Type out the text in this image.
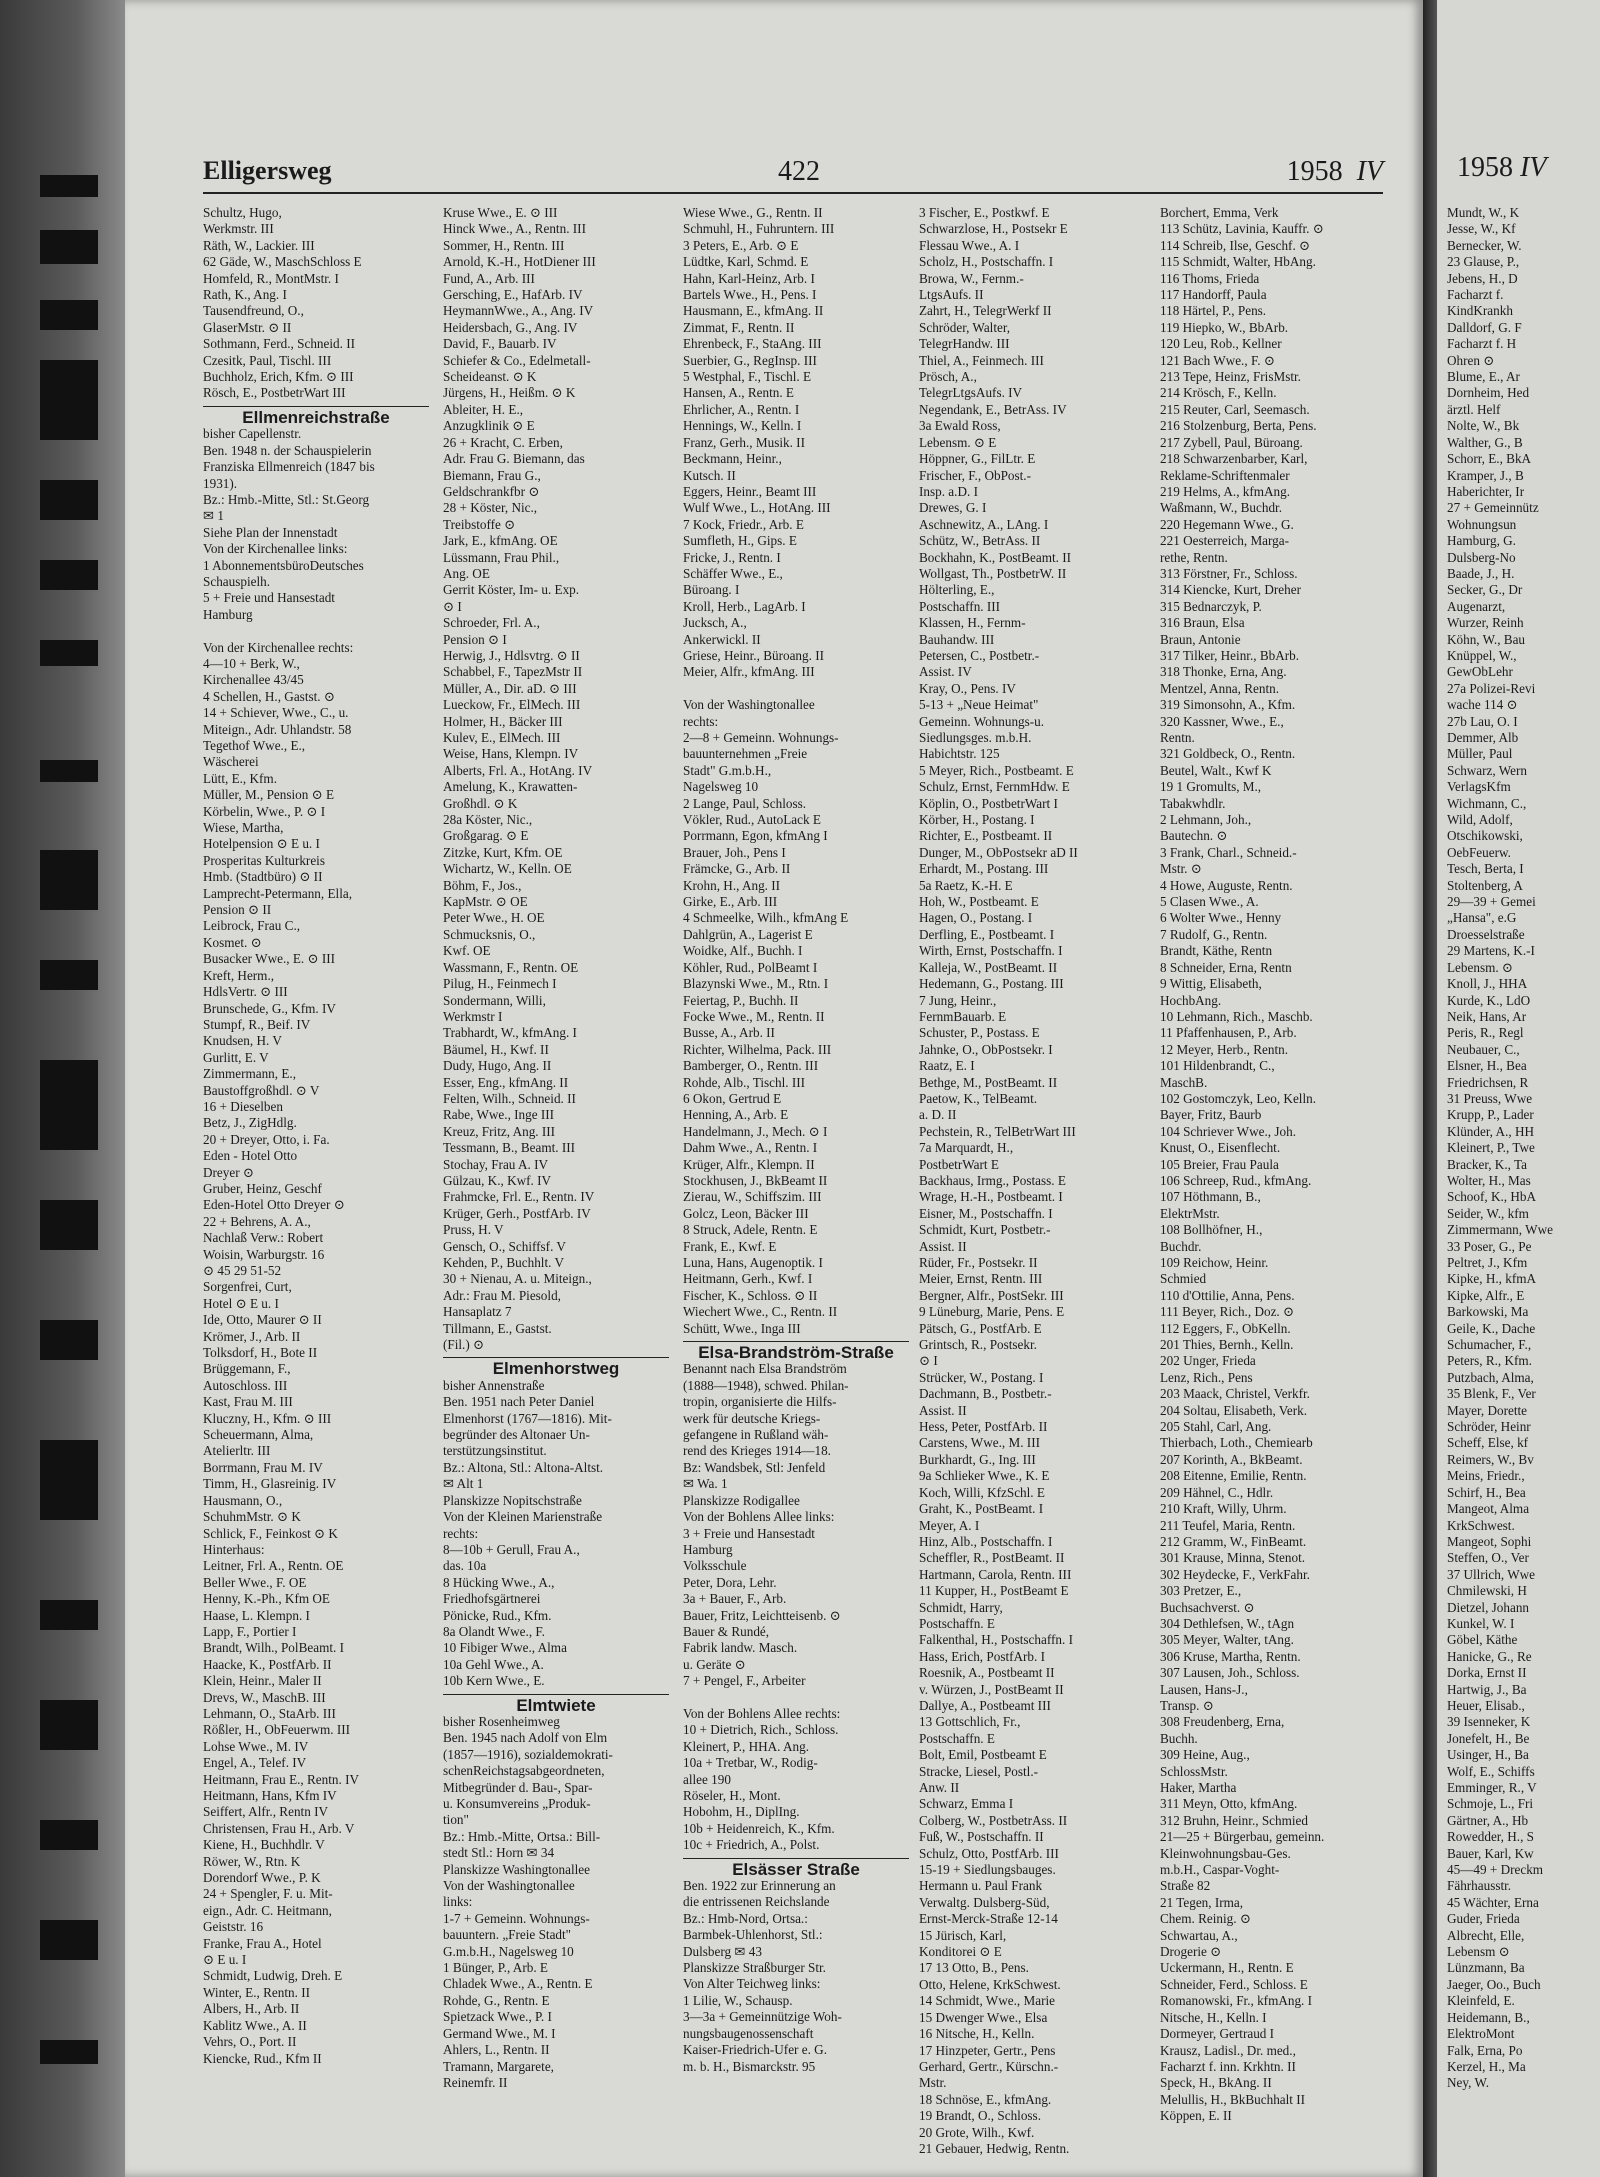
Elligersweg	422	1958 IV
Schultz, Hugo,
Werkmstr. III
Räth, W., Lackier. III
62 Gäde, W., MaschSchloss E
Homfeld, R., MontMstr. I
Rath, K., Ang. I
Tausendfreund, O.,
GlaserMstr. ⊙ II
Sothmann, Ferd., Schneid. II
Czesitk, Paul, Tischl. III
Buchholz, Erich, Kfm. ⊙ III
Rösch, E., PostbetrWart III
Ellmenreichstraße
bisher Capellenstr.
Ben. 1948 n. der Schauspielerin
Franziska Ellmenreich (1847 bis
1931).
Bz.: Hmb.-Mitte, Stl.: St.Georg
✉ 1
Siehe Plan der Innenstadt
Von der Kirchenallee links:
1 AbonnementsbüroDeutsches
Schauspielh.
5 + Freie und Hansestadt
Hamburg

Von der Kirchenallee rechts:
4—10 + Berk, W.,
Kirchenallee 43/45
4 Schellen, H., Gastst. ⊙
14 + Schiever, Wwe., C., u.
Miteign., Adr. Uhlandstr. 58
Tegethof Wwe., E.,
Wäscherei
Lütt, E., Kfm.
Müller, M., Pension ⊙ E
Körbelin, Wwe., P. ⊙ I
Wiese, Martha,
Hotelpension ⊙ E u. I
Prosperitas Kulturkreis
Hmb. (Stadtbüro) ⊙ II
Lamprecht-Petermann, Ella,
Pension ⊙ II
Leibrock, Frau C.,
Kosmet. ⊙
Busacker Wwe., E. ⊙ III
Kreft, Herm.,
HdlsVertr. ⊙ III
Brunschede, G., Kfm. IV
Stumpf, R., Beif. IV
Knudsen, H. V
Gurlitt, E. V
Zimmermann, E.,
Baustoffgroßhdl. ⊙ V
16 + Dieselben
Betz, J., ZigHdlg.
20 + Dreyer, Otto, i. Fa.
Eden - Hotel Otto
Dreyer ⊙
Gruber, Heinz, Geschf
Eden-Hotel Otto Dreyer ⊙
22 + Behrens, A. A.,
Nachlaß Verw.: Robert
Woisin, Warburgstr. 16
⊙ 45 29 51-52
Sorgenfrei, Curt,
Hotel ⊙ E u. I
Ide, Otto, Maurer ⊙ II
Krömer, J., Arb. II
Tolksdorf, H., Bote II
Brüggemann, F.,
Autoschloss. III
Kast, Frau M. III
Kluczny, H., Kfm. ⊙ III
Scheuermann, Alma,
Atelierltr. III
Borrmann, Frau M. IV
Timm, H., Glasreinig. IV
Hausmann, O.,
SchuhmMstr. ⊙ K
Schlick, F., Feinkost ⊙ K
Hinterhaus:
Leitner, Frl. A., Rentn. OE
Beller Wwe., F. OE
Henny, K.-Ph., Kfm OE
Haase, L. Klempn. I
Lapp, F., Portier I
Brandt, Wilh., PolBeamt. I
Haacke, K., PostfArb. II
Klein, Heinr., Maler II
Drevs, W., MaschB. III
Lehmann, O., StaArb. III
Rößler, H., ObFeuerwm. III
Lohse Wwe., M. IV
Engel, A., Telef. IV
Heitmann, Frau E., Rentn. IV
Heitmann, Hans, Kfm IV
Seiffert, Alfr., Rentn IV
Christensen, Frau H., Arb. V
Kiene, H., Buchhdlr. V
Röwer, W., Rtn. K
Dorendorf Wwe., P. K
24 + Spengler, F. u. Mit-
eign., Adr. C. Heitmann,
Geiststr. 16
Franke, Frau A., Hotel
⊙ E u. I
Schmidt, Ludwig, Dreh. E
Winter, E., Rentn. II
Albers, H., Arb. II
Kablitz Wwe., A. II
Vehrs, O., Port. II
Kiencke, Rud., Kfm II
Kruse Wwe., E. ⊙ III
Hinck Wwe., A., Rentn. III
Sommer, H., Rentn. III
Arnold, K.-H., HotDiener III
Fund, A., Arb. III
Gersching, E., HafArb. IV
HeymannWwe., A., Ang. IV
Heidersbach, G., Ang. IV
David, F., Bauarb. IV
Schiefer & Co., Edelmetall-
Scheideanst. ⊙ K
Jürgens, H., Heißm. ⊙ K
Ableiter, H. E.,
Anzugklinik ⊙ E
26 + Kracht, C. Erben,
Adr. Frau G. Biemann, das
Biemann, Frau G.,
Geldschrankfbr ⊙
28 + Köster, Nic.,
Treibstoffe ⊙
Jark, E., kfmAng. OE
Lüssmann, Frau Phil.,
Ang. OE
Gerrit Köster, Im- u. Exp.
⊙ I
Schroeder, Frl. A.,
Pension ⊙ I
Herwig, J., Hdlsvtrg. ⊙ II
Schabbel, F., TapezMstr II
Müller, A., Dir. aD. ⊙ III
Lueckow, Fr., ElMech. III
Holmer, H., Bäcker III
Kulev, E., ElMech. III
Weise, Hans, Klempn. IV
Alberts, Frl. A., HotAng. IV
Amelung, K., Krawatten-
Großhdl. ⊙ K
28a Köster, Nic.,
Großgarag. ⊙ E
Zitzke, Kurt, Kfm. OE
Wichartz, W., Kelln. OE
Böhm, F., Jos.,
KapMstr. ⊙ OE
Peter Wwe., H. OE
Schmucksnis, O.,
Kwf. OE
Wassmann, F., Rentn. OE
Pilug, H., Feinmech I
Sondermann, Willi,
Werkmstr I
Trabhardt, W., kfmAng. I
Bäumel, H., Kwf. II
Dudy, Hugo, Ang. II
Esser, Eng., kfmAng. II
Felten, Wilh., Schneid. II
Rabe, Wwe., Inge III
Kreuz, Fritz, Ang. III
Tessmann, B., Beamt. III
Stochay, Frau A. IV
Gülzau, K., Kwf. IV
Frahmcke, Frl. E., Rentn. IV
Krüger, Gerh., PostfArb. IV
Pruss, H. V
Gensch, O., Schiffsf. V
Kehden, P., Buchhlt. V
30 + Nienau, A. u. Miteign.,
Adr.: Frau M. Piesold,
Hansaplatz 7
Tillmann, E., Gastst.
(Fil.) ⊙
Elmenhorstweg
bisher Annenstraße
Ben. 1951 nach Peter Daniel
Elmenhorst (1767—1816). Mit-
begründer des Altonaer Un-
terstützungsinstitut.
Bz.: Altona, Stl.: Altona-Altst.
✉ Alt 1
Planskizze Nopitschstraße
Von der Kleinen Marienstraße
rechts:
8—10b + Gerull, Frau A.,
das. 10a
8 Hücking Wwe., A.,
Friedhofsgärtnerei
Pönicke, Rud., Kfm.
8a Olandt Wwe., F.
10 Fibiger Wwe., Alma
10a Gehl Wwe., A.
10b Kern Wwe., E.
Elmtwiete
bisher Rosenheimweg
Ben. 1945 nach Adolf von Elm
(1857—1916), sozialdemokrati-
schenReichstagsabgeordneten,
Mitbegründer d. Bau-, Spar-
u. Konsumvereins „Produk-
tion"
Bz.: Hmb.-Mitte, Ortsa.: Bill-
stedt Stl.: Horn ✉ 34
Planskizze Washingtonallee
Von der Washingtonallee
links:
1-7 + Gemeinn. Wohnungs-
bauuntern. „Freie Stadt"
G.m.b.H., Nagelsweg 10
1 Bünger, P., Arb. E
Chladek Wwe., A., Rentn. E
Rohde, G., Rentn. E
Spietzack Wwe., P. I
Germand Wwe., M. I
Ahlers, L., Rentn. II
Tramann, Margarete,
Reinemfr. II
Wiese Wwe., G., Rentn. II
Schmuhl, H., Fuhruntern. III
3 Peters, E., Arb. ⊙ E
Lüdtke, Karl, Schmd. E
Hahn, Karl-Heinz, Arb. I
Bartels Wwe., H., Pens. I
Hausmann, E., kfmAng. II
Zimmat, F., Rentn. II
Ehrenbeck, F., StaAng. III
Suerbier, G., RegInsp. III
5 Westphal, F., Tischl. E
Hansen, A., Rentn. E
Ehrlicher, A., Rentn. I
Hennings, W., Kelln. I
Franz, Gerh., Musik. II
Beckmann, Heinr.,
Kutsch. II
Eggers, Heinr., Beamt III
Wulf Wwe., L., HotAng. III
7 Kock, Friedr., Arb. E
Sumfleth, H., Gips. E
Fricke, J., Rentn. I
Schäffer Wwe., E.,
Büroang. I
Kroll, Herb., LagArb. I
Jucksch, A.,
Ankerwickl. II
Griese, Heinr., Büroang. II
Meier, Alfr., kfmAng. III

Von der Washingtonallee
rechts:
2—8 + Gemeinn. Wohnungs-
bauunternehmen „Freie
Stadt" G.m.b.H.,
Nagelsweg 10
2 Lange, Paul, Schloss.
Vökler, Rud., AutoLack E
Porrmann, Egon, kfmAng I
Brauer, Joh., Pens I
Främcke, G., Arb. II
Krohn, H., Ang. II
Girke, E., Arb. III
4 Schmeelke, Wilh., kfmAng E
Dahlgrün, A., Lagerist E
Woidke, Alf., Buchh. I
Köhler, Rud., PolBeamt I
Blazynski Wwe., M., Rtn. I
Feiertag, P., Buchh. II
Focke Wwe., M., Rentn. II
Busse, A., Arb. II
Richter, Wilhelma, Pack. III
Bamberger, O., Rentn. III
Rohde, Alb., Tischl. III
6 Okon, Gertrud E
Henning, A., Arb. E
Handelmann, J., Mech. ⊙ I
Dahm Wwe., A., Rentn. I
Krüger, Alfr., Klempn. II
Stockhusen, J., BkBeamt II
Zierau, W., Schiffszim. III
Golcz, Leon, Bäcker III
8 Struck, Adele, Rentn. E
Frank, E., Kwf. E
Luna, Hans, Augenoptik. I
Heitmann, Gerh., Kwf. I
Fischer, K., Schloss. ⊙ II
Wiechert Wwe., C., Rentn. II
Schütt, Wwe., Inga III
Elsa-Brandström-Straße
Benannt nach Elsa Brandström
(1888—1948), schwed. Philan-
tropin, organisierte die Hilfs-
werk für deutsche Kriegs-
gefangene in Rußland wäh-
rend des Krieges 1914—18.
Bz: Wandsbek, Stl: Jenfeld
✉ Wa. 1
Planskizze Rodigallee
Von der Bohlens Allee links:
3 + Freie und Hansestadt
Hamburg
Volksschule
Peter, Dora, Lehr.
3a + Bauer, F., Arb.
Bauer, Fritz, Leichtteisenb. ⊙
Bauer & Rundé,
Fabrik landw. Masch.
u. Geräte ⊙
7 + Pengel, F., Arbeiter

Von der Bohlens Allee rechts:
10 + Dietrich, Rich., Schloss.
Kleinert, P., HHA. Ang.
10a + Tretbar, W., Rodig-
allee 190
Röseler, H., Mont.
Hobohm, H., DiplIng.
10b + Heidenreich, K., Kfm.
10c + Friedrich, A., Polst.
Elsässer Straße
Ben. 1922 zur Erinnerung an
die entrissenen Reichslande
Bz.: Hmb-Nord, Ortsa.:
Barmbek-Uhlenhorst, Stl.:
Dulsberg ✉ 43
Planskizze Straßburger Str.
Von Alter Teichweg links:
1 Lilie, W., Schausp.
3—3a + Gemeinnützige Woh-
nungsbaugenossenschaft
Kaiser-Friedrich-Ufer e. G.
m. b. H., Bismarckstr. 95
3 Fischer, E., Postkwf. E
Schwarzlose, H., Postsekr E
Flessau Wwe., A. I
Scholz, H., Postschaffn. I
Browa, W., Fernm.-
LtgsAufs. II
Zahrt, H., TelegrWerkf II
Schröder, Walter,
TelegrHandw. III
Thiel, A., Feinmech. III
Prösch, A.,
TelegrLtgsAufs. IV
Negendank, E., BetrAss. IV
3a Ewald Ross,
Lebensm. ⊙ E
Höppner, G., FilLtr. E
Frischer, F., ObPost.-
Insp. a.D. I
Drewes, G. I
Aschnewitz, A., LAng. I
Schütz, W., BetrAss. II
Bockhahn, K., PostBeamt. II
Wollgast, Th., PostbetrW. II
Hölterling, E.,
Postschaffn. III
Klassen, H., Fernm-
Bauhandw. III
Petersen, C., Postbetr.-
Assist. IV
Kray, O., Pens. IV
5-13 + „Neue Heimat"
Gemeinn. Wohnungs-u.
Siedlungsges. m.b.H.
Habichtstr. 125
5 Meyer, Rich., Postbeamt. E
Schulz, Ernst, FernmHdw. E
Köplin, O., PostbetrWart I
Körber, H., Postang. I
Richter, E., Postbeamt. II
Dunger, M., ObPostsekr aD II
Erhardt, M., Postang. III
5a Raetz, K.-H. E
Hoh, W., Postbeamt. E
Hagen, O., Postang. I
Derfling, E., Postbeamt. I
Wirth, Ernst, Postschaffn. I
Kalleja, W., PostBeamt. II
Hedemann, G., Postang. III
7 Jung, Heinr.,
FernmBauarb. E
Schuster, P., Postass. E
Jahnke, O., ObPostsekr. I
Raatz, E. I
Bethge, M., PostBeamt. II
Paetow, K., TelBeamt.
a. D. II
Pechstein, R., TelBetrWart III
7a Marquardt, H.,
PostbetrWart E
Backhaus, Irmg., Postass. E
Wrage, H.-H., Postbeamt. I
Eisner, M., Postschaffn. I
Schmidt, Kurt, Postbetr.-
Assist. II
Rüder, Fr., Postsekr. II
Meier, Ernst, Rentn. III
Bergner, Alfr., PostSekr. III
9 Lüneburg, Marie, Pens. E
Pätsch, G., PostfArb. E
Grintsch, R., Postsekr.
⊙ I
Strücker, W., Postang. I
Dachmann, B., Postbetr.-
Assist. II
Hess, Peter, PostfArb. II
Carstens, Wwe., M. III
Burkhardt, G., Ing. III
9a Schlieker Wwe., K. E
Koch, Willi, KfzSchl. E
Graht, K., PostBeamt. I
Meyer, A. I
Hinz, Alb., Postschaffn. I
Scheffler, R., PostBeamt. II
Hartmann, Carola, Rentn. III
11 Kupper, H., PostBeamt E
Schmidt, Harry,
Postschaffn. E
Falkenthal, H., Postschaffn. I
Hass, Erich, PostfArb. I
Roesnik, A., Postbeamt II
v. Würzen, J., PostBeamt II
Dallye, A., Postbeamt III
13 Gottschlich, Fr.,
Postschaffn. E
Bolt, Emil, Postbeamt E
Stracke, Liesel, Postl.-
Anw. II
Schwarz, Emma I
Colberg, W., PostbetrAss. II
Fuß, W., Postschaffn. II
Schulz, Otto, PostfArb. III
15-19 + Siedlungsbauges.
Hermann u. Paul Frank
Verwaltg. Dulsberg-Süd,
Ernst-Merck-Straße 12-14
15 Jürisch, Karl,
Konditorei ⊙ E
17 13 Otto, B., Pens.
Otto, Helene, KrkSchwest.
14 Schmidt, Wwe., Marie
15 Dwenger Wwe., Elsa
16 Nitsche, H., Kelln.
17 Hinzpeter, Gertr., Pens
Gerhard, Gertr., Kürschn.-
Mstr.
18 Schnöse, E., kfmAng.
19 Brandt, O., Schloss.
20 Grote, Wilh., Kwf.
21 Gebauer, Hedwig, Rentn.
Borchert, Emma, Verk
113 Schütz, Lavinia, Kauffr. ⊙
114 Schreib, Ilse, Geschf. ⊙
115 Schmidt, Walter, HbAng.
116 Thoms, Frieda
117 Handorff, Paula
118 Härtel, P., Pens.
119 Hiepko, W., BbArb.
120 Leu, Rob., Kellner
121 Bach Wwe., F. ⊙
213 Tepe, Heinz, FrisMstr.
214 Krösch, F., Kelln.
215 Reuter, Carl, Seemasch.
216 Stolzenburg, Berta, Pens.
217 Zybell, Paul, Büroang.
218 Schwarzenbarber, Karl,
Reklame-Schriftenmaler
219 Helms, A., kfmAng.
Waßmann, W., Buchdr.
220 Hegemann Wwe., G.
221 Oesterreich, Marga-
rethe, Rentn.
313 Förstner, Fr., Schloss.
314 Kiencke, Kurt, Dreher
315 Bednarczyk, P.
316 Braun, Elsa
Braun, Antonie
317 Tilker, Heinr., BbArb.
318 Thonke, Erna, Ang.
Mentzel, Anna, Rentn.
319 Simonsohn, A., Kfm.
320 Kassner, Wwe., E.,
Rentn.
321 Goldbeck, O., Rentn.
Beutel, Walt., Kwf K
19 1 Gromults, M.,
Tabakwhdlr.
2 Lehmann, Joh.,
Bautechn. ⊙
3 Frank, Charl., Schneid.-
Mstr. ⊙
4 Howe, Auguste, Rentn.
5 Clasen Wwe., A.
6 Wolter Wwe., Henny
7 Rudolf, G., Rentn.
Brandt, Käthe, Rentn
8 Schneider, Erna, Rentn
9 Wittig, Elisabeth,
HochbAng.
10 Lehmann, Rich., Maschb.
11 Pfaffenhausen, P., Arb.
12 Meyer, Herb., Rentn.
101 Hildenbrandt, C.,
MaschB.
102 Gostomczyk, Leo, Kelln.
Bayer, Fritz, Baurb
104 Schriever Wwe., Joh.
Knust, O., Eisenflecht.
105 Breier, Frau Paula
106 Schreep, Rud., kfmAng.
107 Höthmann, B.,
ElektrMstr.
108 Bollhöfner, H.,
Buchdr.
109 Reichow, Heinr.
Schmied
110 d'Ottilie, Anna, Pens.
111 Beyer, Rich., Doz. ⊙
112 Eggers, F., ObKelln.
201 Thies, Bernh., Kelln.
202 Unger, Frieda
Lenz, Rich., Pens
203 Maack, Christel, Verkfr.
204 Soltau, Elisabeth, Verk.
205 Stahl, Carl, Ang.
Thierbach, Loth., Chemiearb
207 Korinth, A., BkBeamt.
208 Eitenne, Emilie, Rentn.
209 Hähnel, C., Hdlr.
210 Kraft, Willy, Uhrm.
211 Teufel, Maria, Rentn.
212 Gramm, W., FinBeamt.
301 Krause, Minna, Stenot.
302 Heydecke, F., VerkFahr.
303 Pretzer, E.,
Buchsachverst. ⊙
304 Dethlefsen, W., tAgn
305 Meyer, Walter, tAng.
306 Kruse, Martha, Rentn.
307 Lausen, Joh., Schloss.
Lausen, Hans-J.,
Transp. ⊙
308 Freudenberg, Erna,
Buchh.
309 Heine, Aug.,
SchlossMstr.
Haker, Martha
311 Meyn, Otto, kfmAng.
312 Bruhn, Heinr., Schmied
21—25 + Bürgerbau, gemeinn.
Kleinwohnungsbau-Ges.
m.b.H., Caspar-Voght-
Straße 82
21 Tegen, Irma,
Chem. Reinig. ⊙
Schwartau, A.,
Drogerie ⊙
Uckermann, H., Rentn. E
Schneider, Ferd., Schloss. E
Romanowski, Fr., kfmAng. I
Nitsche, H., Kelln. I
Dormeyer, Gertraud I
Krausz, Ladisl., Dr. med.,
Facharzt f. inn. Krkhtn. II
Speck, H., BkAng. II
Melullis, H., BkBuchhalt II
Köppen, E. II
1958 IV
Mundt, W., K
Jesse, W., Kf
Bernecker, W.
23 Glause, P.,
Jebens, H., D
Facharzt f.
KindKrankh
Dalldorf, G. F
Facharzt f. H
Ohren ⊙
Blume, E., Ar
Dornheim, Hed
ärztl. Helf
Nolte, W., Bk
Walther, G., B
Schorr, E., BkA
Kramper, J., B
Haberichter, Ir
27 + Gemeinnütz
Wohnungsun
Hamburg, G.
Dulsberg-No
Baade, J., H.
Secker, G., Dr
Augenarzt,
Wurzer, Reinh
Köhn, W., Bau
Knüppel, W.,
GewObLehr
27a Polizei-Revi
wache 114 ⊙
27b Lau, O. I
Demmer, Alb
Müller, Paul
Schwarz, Wern
VerlagsKfm
Wichmann, C.,
Wild, Adolf,
Otschikowski,
OebFeuerw.
Tesch, Berta, I
Stoltenberg, A
29—39 + Gemei
„Hansa", e.G
Droesselstraße
29 Martens, K.-I
Lebensm. ⊙
Knoll, J., HHA
Kurde, K., LdO
Neik, Hans, Ar
Peris, R., Regl
Neubauer, C.,
Elsner, H., Bea
Friedrichsen, R
31 Preuss, Wwe
Krupp, P., Lader
Klünder, A., HH
Kleinert, P., Twe
Bracker, K., Ta
Wolter, H., Mas
Schoof, K., HbA
Seider, W., kfm
Zimmermann, Wwe
33 Poser, G., Pe
Peltret, J., Kfm
Kipke, H., kfmA
Kipke, Alfr., E
Barkowski, Ma
Geile, K., Dache
Schumacher, F.,
Peters, R., Kfm.
Putzbach, Alma,
35 Blenk, F., Ver
Mayer, Dorette
Schröder, Heinr
Scheff, Else, kf
Reimers, W., Bv
Meins, Friedr.,
Schirf, H., Bea
Mangeot, Alma
KrkSchwest.
Mangeot, Sophi
Steffen, O., Ver
37 Ullrich, Wwe
Chmilewski, H
Dietzel, Johann
Kunkel, W. I
Göbel, Käthe
Hanicke, G., Re
Dorka, Ernst II
Hartwig, J., Ba
Heuer, Elisab.,
39 Isenneker, K
Jonefelt, H., Be
Usinger, H., Ba
Wolf, E., Schiffs
Emminger, R., V
Schmoje, L., Fri
Gärtner, A., Hb
Rowedder, H., S
Bauer, Karl, Kw
45—49 + Dreckm
Fährhausstr.
45 Wächter, Erna
Guder, Frieda
Albrecht, Elle,
Lebensm ⊙
Lünzmann, Ba
Jaeger, Oo., Buch
Kleinfeld, E.
Heidemann, B.,
ElektroMont
Falk, Erna, Po
Kerzel, H., Ma
Ney, W.
